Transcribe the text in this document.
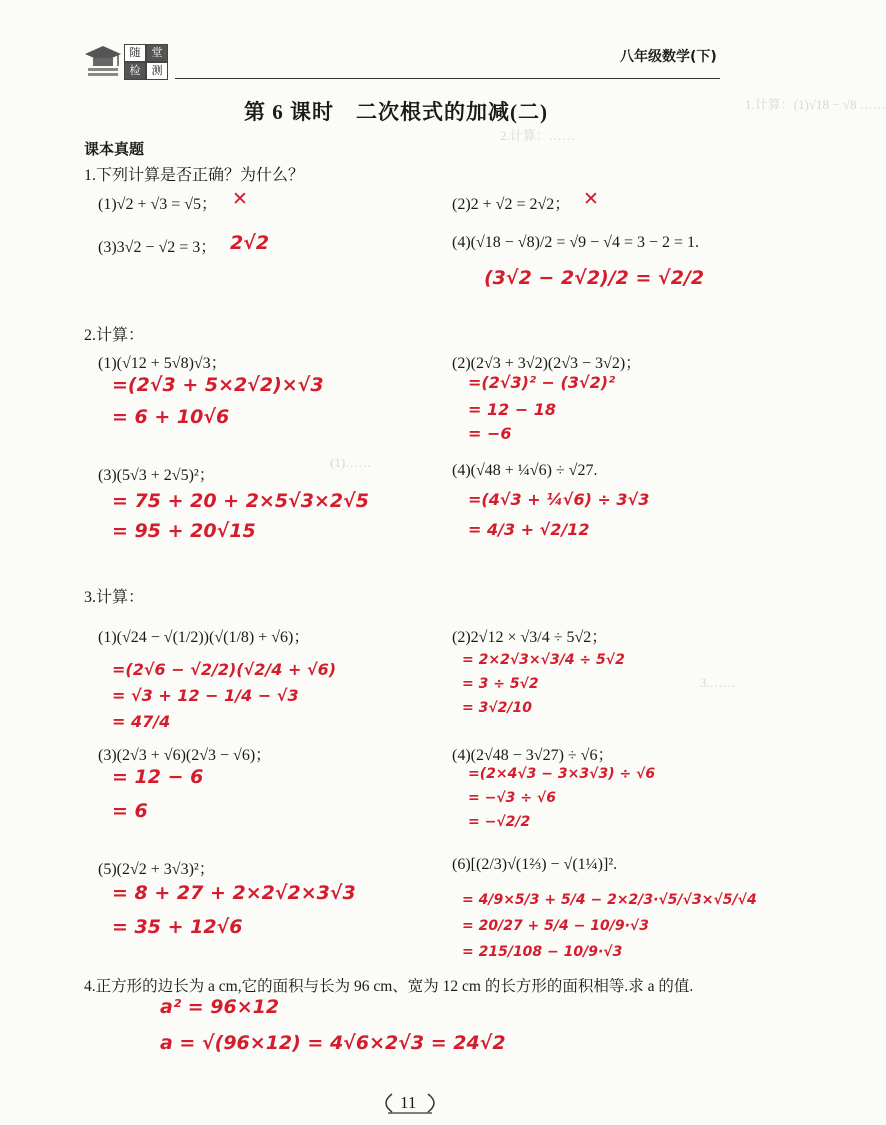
随	堂
检	测
八年级数学(下)
1.计算：(1)√18 − √8 ……
2.计算：……
(1)……
3.……
第 6 课时　二次根式的加减(二)
课本真题
1.下列计算是否正确？为什么？
(1)√2 + √3 = √5； ✕	(2)2 + √2 = 2√2； ✕
(3)3√2 − √2 = 3； 2√2	(4)(√18 − √8)/2 = √9 − √4 = 3 − 2 = 1.
(3√2 − 2√2)/2 = √2/2
2.计算：
(1)(√12 + 5√8)√3；
=(2√3 + 5×2√2)×√3
= 6 + 10√6
(2)(2√3 + 3√2)(2√3 − 3√2)；
=(2√3)² − (3√2)²
= 12 − 18
= −6
(3)(5√3 + 2√5)²；
= 75 + 20 + 2×5√3×2√5
= 95 + 20√15
(4)(√48 + ¼√6) ÷ √27.
=(4√3 + ¼√6) ÷ 3√3
= 4/3 + √2/12
3.计算：
(1)(√24 − √(1/2))(√(1/8) + √6)；
=(2√6 − √2/2)(√2/4 + √6)
= √3 + 12 − 1/4 − √3
= 47/4
(2)2√12 × √3/4 ÷ 5√2；
= 2×2√3×√3/4 ÷ 5√2
= 3 ÷ 5√2
= 3√2/10
(3)(2√3 + √6)(2√3 − √6)；
= 12 − 6
= 6
(4)(2√48 − 3√27) ÷ √6；
=(2×4√3 − 3×3√3) ÷ √6
= −√3 ÷ √6
= −√2/2
(5)(2√2 + 3√3)²；
= 8 + 27 + 2×2√2×3√3
= 35 + 12√6
(6)[(2/3)√(1⅔) − √(1¼)]².
= 4/9×5/3 + 5/4 − 2×2/3·√5/√3×√5/√4
= 20/27 + 5/4 − 10/9·√3
= 215/108 − 10/9·√3
4.正方形的边长为 a cm,它的面积与长为 96 cm、宽为 12 cm 的长方形的面积相等.求 a 的值.
a² = 96×12
a = √(96×12) = 4√6×2√3 = 24√2
11
